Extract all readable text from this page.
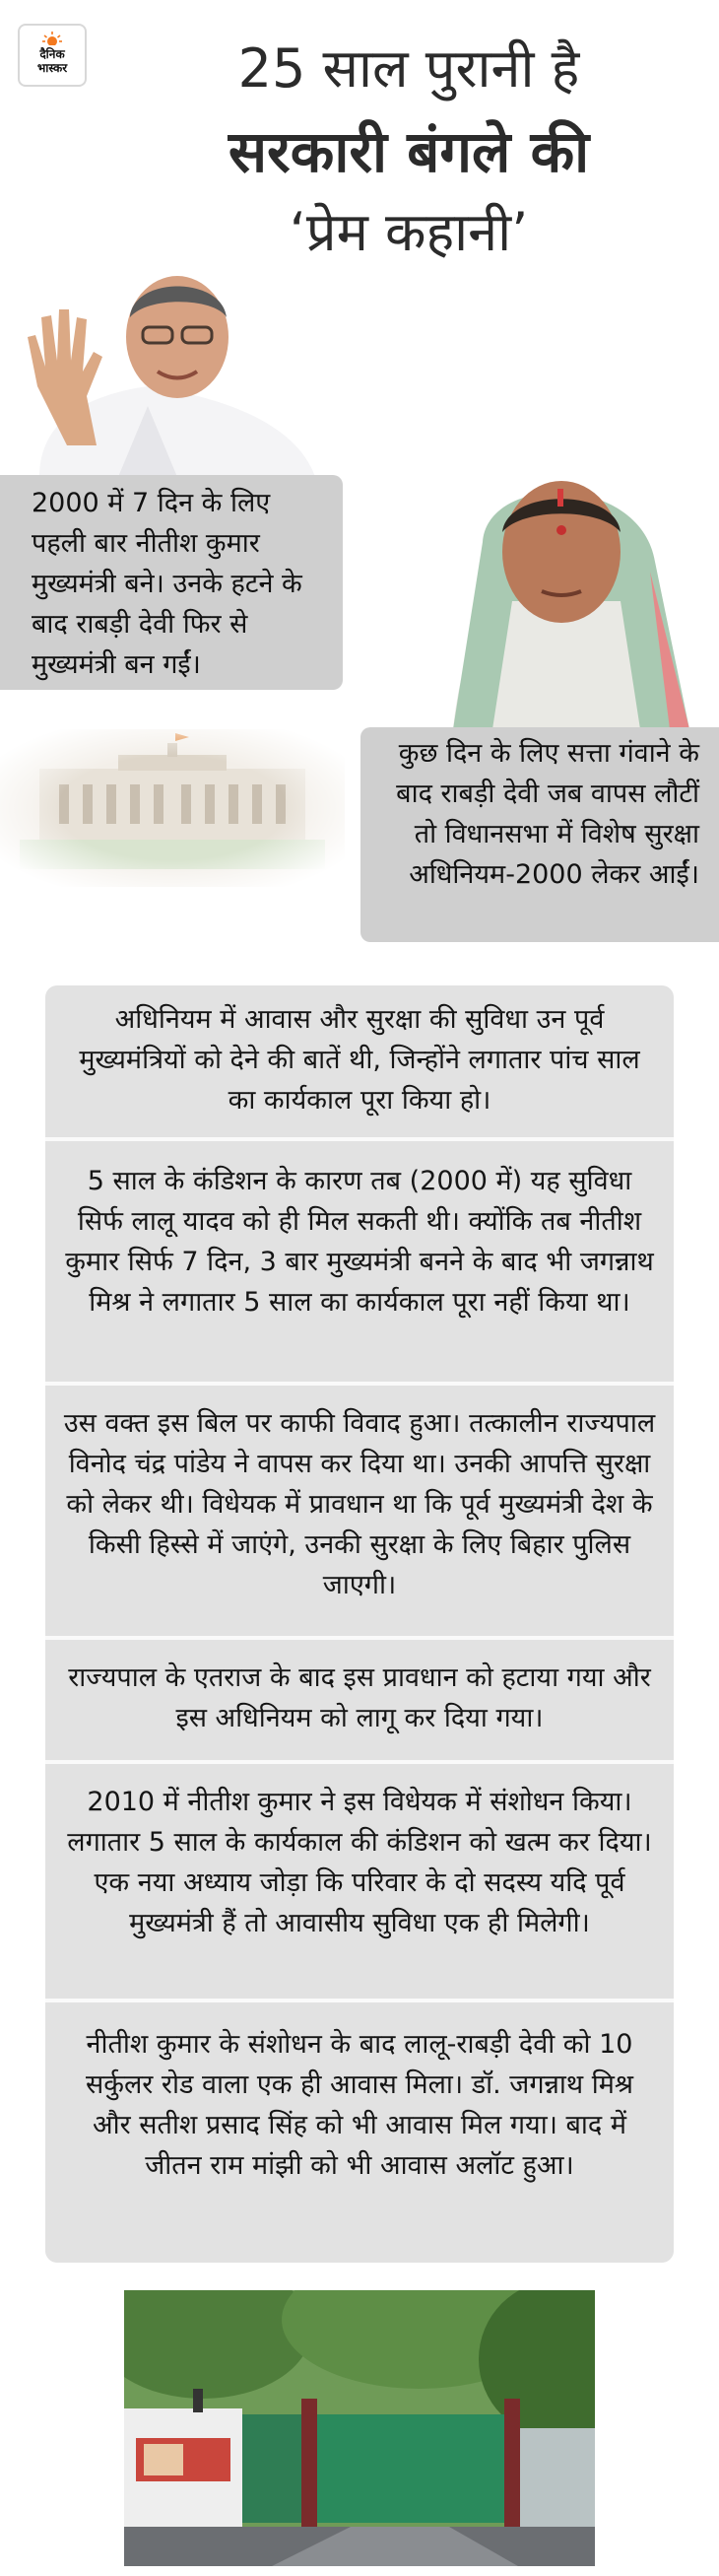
दैनिक
भास्कर	25 साल पुरानी है
सरकारी बंगले की
‘प्रेम कहानी’
2000 में 7 दिन के लिए पहली बार नीतीश कुमार मुख्यमंत्री बने। उनके हटने के बाद राबड़ी देवी फिर से मुख्यमंत्री बन गईं।
कुछ दिन के लिए सत्ता गंवाने के बाद राबड़ी देवी जब वापस लौटीं तो विधानसभा में विशेष सुरक्षा अधिनियम-2000 लेकर आईं।
अधिनियम में आवास और सुरक्षा की सुविधा उन पूर्व मुख्यमंत्रियों को देने की बातें थी, जिन्होंने लगातार पांच साल का कार्यकाल पूरा किया हो।
5 साल के कंडिशन के कारण तब (2000 में) यह सुविधा सिर्फ लालू यादव को ही मिल सकती थी। क्योंकि तब नीतीश कुमार सिर्फ 7 दिन, 3 बार मुख्यमंत्री बनने के बाद भी जगन्नाथ मिश्र ने लगातार 5 साल का कार्यकाल पूरा नहीं किया था।
उस वक्त इस बिल पर काफी विवाद हुआ। तत्कालीन राज्यपाल विनोद चंद्र पांडेय ने वापस कर दिया था। उनकी आपत्ति सुरक्षा को लेकर थी। विधेयक में प्रावधान था कि पूर्व मुख्यमंत्री देश के किसी हिस्से में जाएंगे, उनकी सुरक्षा के लिए बिहार पुलिस जाएगी।
राज्यपाल के एतराज के बाद इस प्रावधान को हटाया गया और इस अधिनियम को लागू कर दिया गया।
2010 में नीतीश कुमार ने इस विधेयक में संशोधन किया। लगातार 5 साल के कार्यकाल की कंडिशन को खत्म कर दिया। एक नया अध्याय जोड़ा कि परिवार के दो सदस्य यदि पूर्व मुख्यमंत्री हैं तो आवासीय सुविधा एक ही मिलेगी।
नीतीश कुमार के संशोधन के बाद लालू-राबड़ी देवी को 10 सर्कुलर रोड वाला एक ही आवास मिला। डॉ. जगन्नाथ मिश्र और सतीश प्रसाद सिंह को भी आवास मिल गया। बाद में जीतन राम मांझी को भी आवास अलॉट हुआ।
